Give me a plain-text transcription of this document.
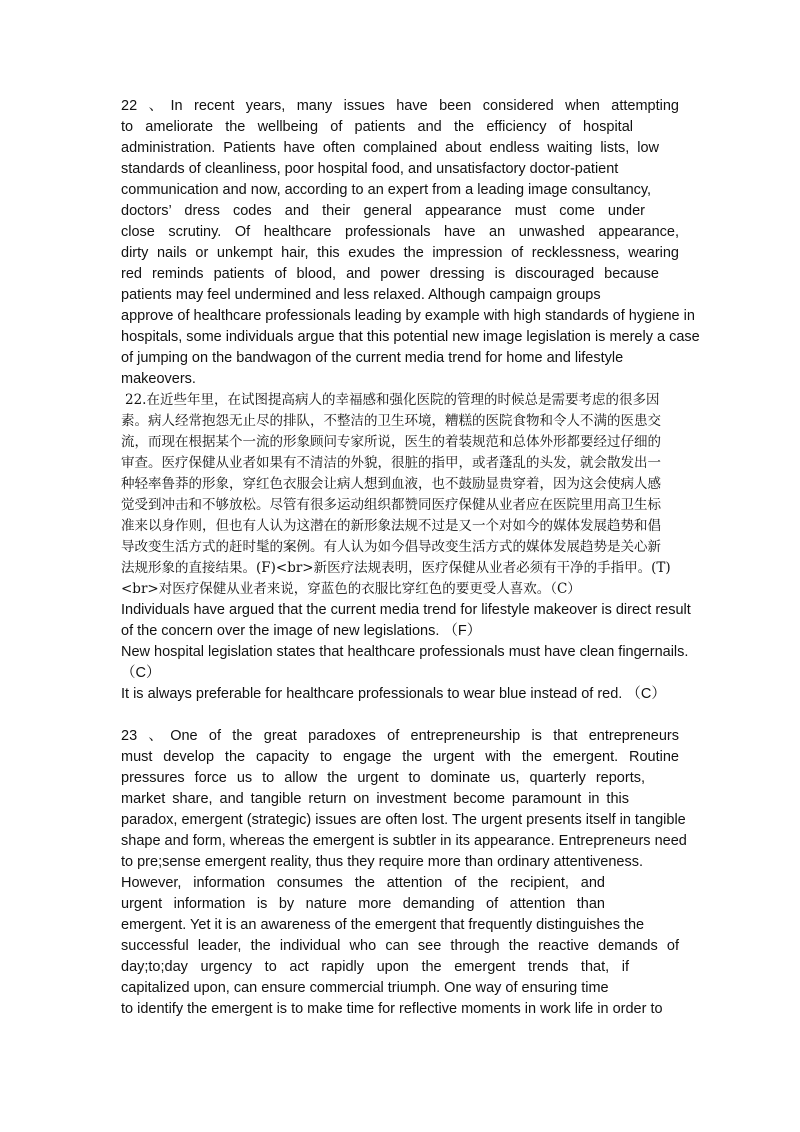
22 、In recent years, many issues have been considered when attempting
to ameliorate the wellbeing of patients and the efficiency of hospital
administration. Patients have often complained about endless waiting lists, low
standards of cleanliness, poor hospital food, and unsatisfactory doctor-patient
communication and now, according to an expert from a leading image consultancy,
doctors’ dress codes and their general appearance must come under
close scrutiny. Of healthcare professionals have an unwashed appearance,
dirty nails or unkempt hair, this exudes the impression of recklessness, wearing
red reminds patients of blood, and power dressing is discouraged because
patients may feel undermined and less relaxed. Although campaign groups
approve of healthcare professionals leading by example with high standards of hygiene in
hospitals, some individuals argue that this potential new image legislation is merely a case
of jumping on the bandwagon of the current media trend for home and lifestyle
makeovers.
22.在近些年里，在试图提高病人的幸福感和强化医院的管理的时候总是需要考虑的很多因
素。病人经常抱怨无止尽的排队，不整洁的卫生环境，糟糕的医院食物和令人不满的医患交
流，而现在根据某个一流的形象顾问专家所说，医生的着装规范和总体外形都要经过仔细的
审查。医疗保健从业者如果有不清洁的外貌，很脏的指甲，或者蓬乱的头发，就会散发出一
种轻率鲁莽的形象，穿红色衣服会让病人想到血液，也不鼓励显贵穿着，因为这会使病人感
觉受到冲击和不够放松。尽管有很多运动组织都赞同医疗保健从业者应在医院里用高卫生标
准来以身作则，但也有人认为这潜在的新形象法规不过是又一个对如今的媒体发展趋势和倡
导改变生活方式的赶时髦的案例。有人认为如今倡导改变生活方式的媒体发展趋势是关心新
法规形象的直接结果。(F)<br>新医疗法规表明，医疗保健从业者必须有干净的手指甲。(T)
<br>对医疗保健从业者来说，穿蓝色的衣服比穿红色的要更受人喜欢。（C）
Individuals have argued that the current media trend for lifestyle makeover is direct result
of the concern over the image of new legislations. （F）
New hospital legislation states that healthcare professionals must have clean fingernails.
（C）
It is always preferable for healthcare professionals to wear blue instead of red. （C）
23 、One of the great paradoxes of entrepreneurship is that entrepreneurs
must develop the capacity to engage the urgent with the emergent. Routine
pressures force us to allow the urgent to dominate us, quarterly reports,
market share, and tangible return on investment become paramount in this
paradox, emergent (strategic) issues are often lost. The urgent presents itself in tangible
shape and form, whereas the emergent is subtler in its appearance. Entrepreneurs need
to pre;sense emergent reality, thus they require more than ordinary attentiveness.
However, information consumes the attention of the recipient, and
urgent information is by nature more demanding of attention than
emergent. Yet it is an awareness of the emergent that frequently distinguishes the
successful leader, the individual who can see through the reactive demands of
day;to;day urgency to act rapidly upon the emergent trends that, if
capitalized upon, can ensure commercial triumph. One way of ensuring time
to identify the emergent is to make time for reflective moments in work life in order to
